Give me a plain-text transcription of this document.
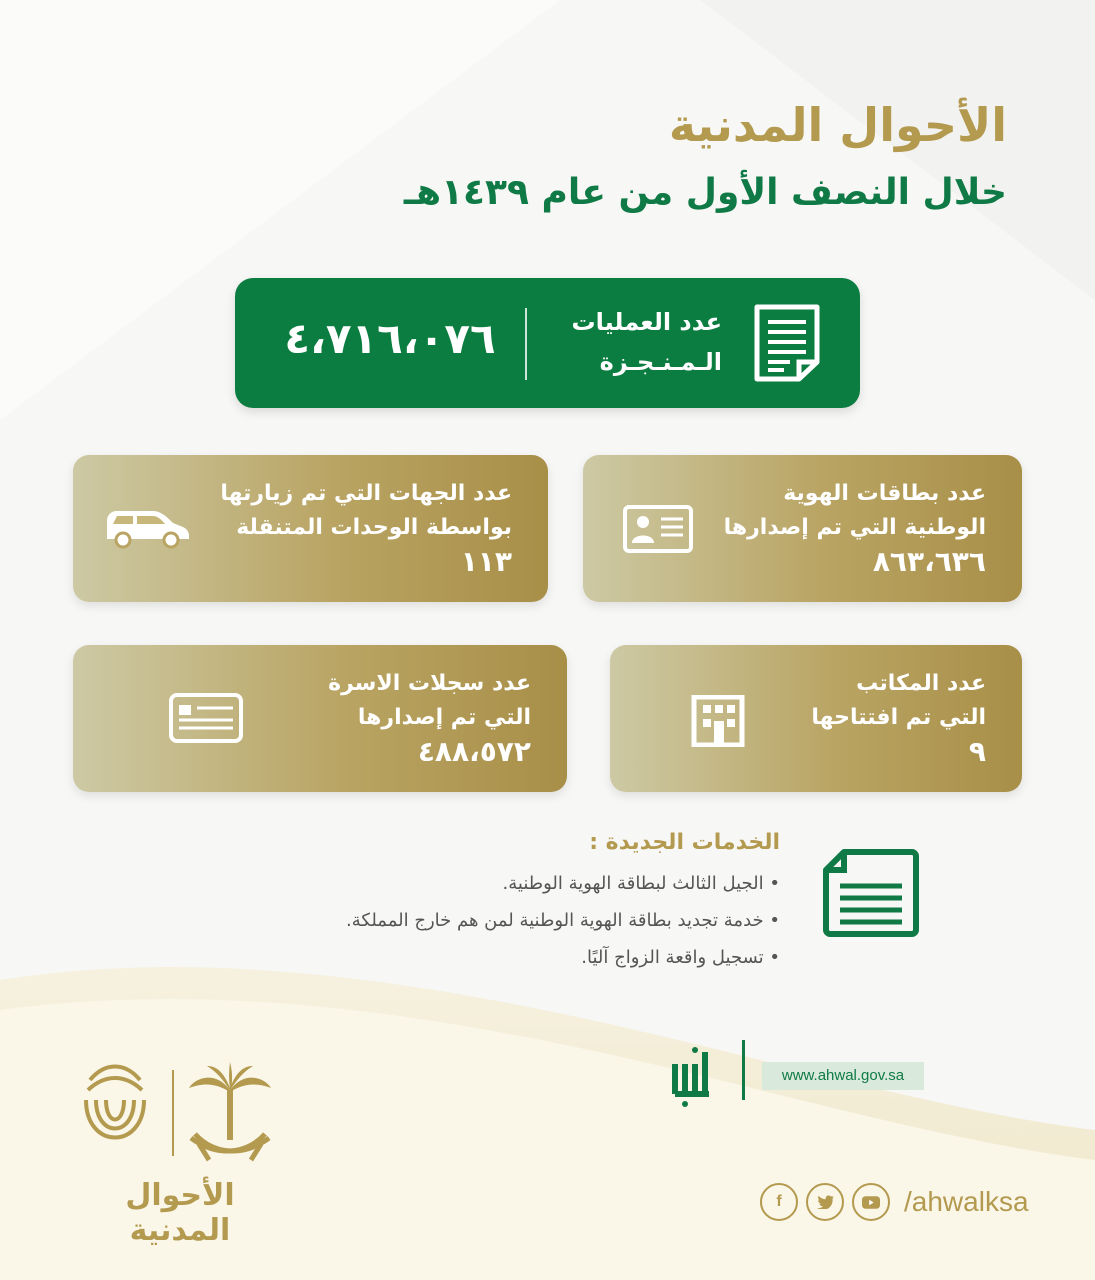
الأحوال المدنية
خلال النصف الأول من عام ١٤٣٩هـ
عدد العمليات
الـمـنـجـزة
٤،٧١٦،٠٧٦
عدد بطاقات الهوية
الوطنية التي تم إصدارها
٨٦٣،٦٣٦
عدد الجهات التي تم زيارتها
بواسطة الوحدات المتنقلة
١١٣
عدد المكاتب
التي تم افتتاحها
٩
عدد سجلات الاسرة
التي تم إصدارها
٤٨٨،٥٧٢
الخدمات الجديدة :
• الجيل الثالث لبطاقة الهوية الوطنية.
• خدمة تجديد بطاقة الهوية الوطنية لمن هم خارج المملكة.
• تسجيل واقعة الزواج آليًا.
أبشر
www.ahwal.gov.sa
f	/ahwalksa
الأحوال المدنية
